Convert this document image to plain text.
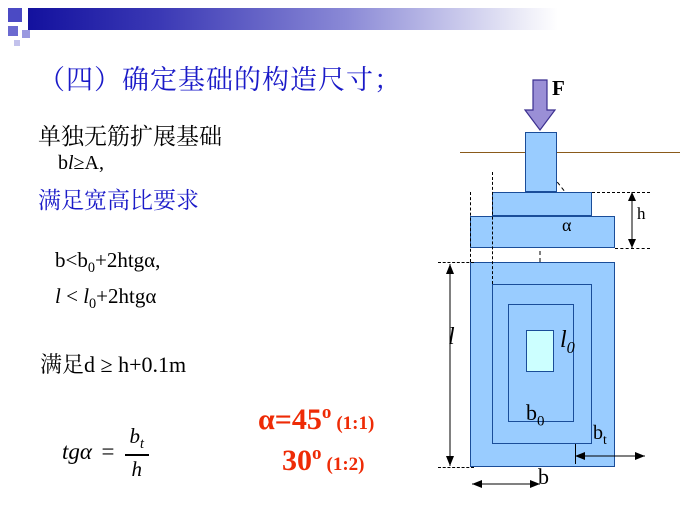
（四）确定基础的构造尺寸；
单独无筋扩展基础
bl≥A,
满足宽高比要求
$b<b_0+2htg\alpha$,
$l < l_0+2htg\alpha$
满足d ≥ h+0.1m
tg $\alpha = \frac{b_t}{h}$
$\alpha=45^o(1:1)$
30$^o$(1:2)
F
α
h
l	$l_0$
$b_0$
b
$b_t$
